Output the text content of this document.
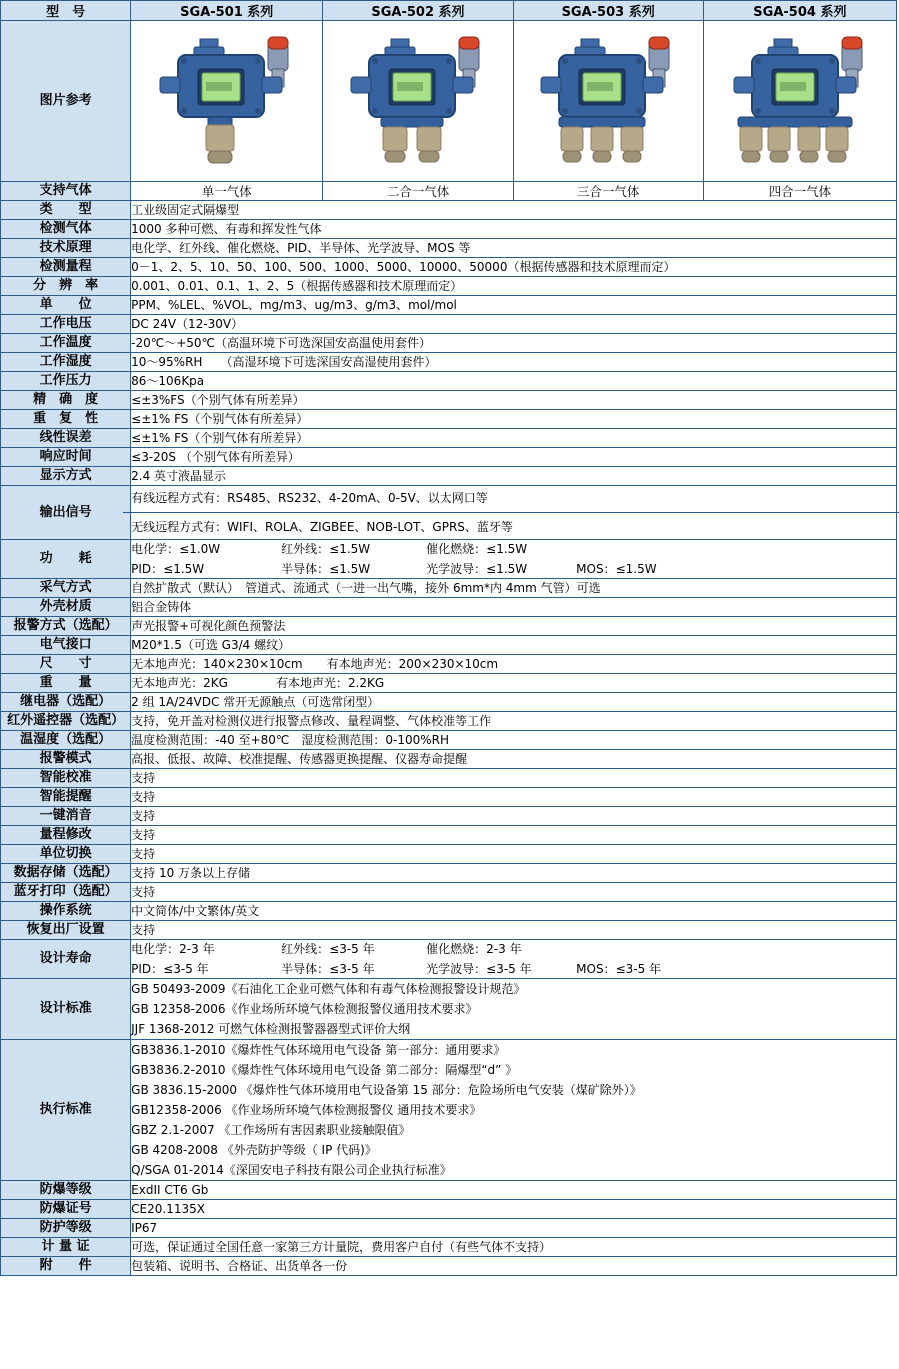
型　号	SGA-501 系列	SGA-502 系列	SGA-503 系列	SGA-504 系列
图片参考				
支持气体	单一气体	二合一气体	三合一气体	四合一气体
类　　型	工业级固定式隔爆型			
检测气体	1000 多种可燃、有毒和挥发性气体			
技术原理	电化学、红外线、催化燃烧、PID、半导体、光学波导、MOS 等			
检测量程	0－1、2、5、10、50、100、500、1000、5000、10000、50000（根据传感器和技术原理而定）			
分　辨　率	0.001、0.01、0.1、1、2、5（根据传感器和技术原理而定）			
单　　位	PPM、%LEL、%VOL、mg/m3、ug/m3、g/m3、mol/mol			
工作电压	DC 24V（12-30V）			
工作温度	-20℃～+50℃（高温环境下可选深国安高温使用套件）			
工作湿度	10～95%RH　　（高湿环境下可选深国安高湿使用套件）			
工作压力	86～106Kpa			
精　确　度	≤±3%FS（个别气体有所差异）			
重　复　性	≤±1% FS（个别气体有所差异）			
线性误差	≤±1% FS（个别气体有所差异）			
响应时间	≤3-20S （个别气体有所差异）			
显示方式	2.4 英寸液晶显示			
输出信号	有线远程方式有：RS485、RS232、4-20mA、0-5V、以太网口等
无线远程方式有：WIFI、ROLA、ZIGBEE、NOB-LOT、GPRS、蓝牙等			

功　　耗	
电化学：≤1.0W	红外线：≤1.5W	催化燃烧：≤1.5W
PID：≤1.5W	半导体：≤1.5W	光学波导：≤1.5W	MOS：≤1.5W

采气方式	自然扩散式（默认）　管道式、流通式（一进一出气嘴，接外 6mm*内 4mm 气管）可选			
外壳材质	铝合金铸体			
报警方式（选配）	声光报警+可视化颜色预警法			
电气接口	M20*1.5（可选 G3/4 螺纹）			
尺　　寸	无本地声光：140×230×10cm　　有本地声光：200×230×10cm			
重　　量	无本地声光：2KG　　　　有本地声光：2.2KG			
继电器（选配）	2 组 1A/24VDC 常开无源触点（可选常闭型）			
红外遥控器（选配）	支持，免开盖对检测仪进行报警点修改、量程调整、气体校准等工作			
温湿度（选配）	温度检测范围：-40 至+80℃　湿度检测范围：0-100%RH			
报警模式	高报、低报、故障、校准提醒、传感器更换提醒、仪器寿命提醒			
智能校准	支持			
智能提醒	支持			
一键消音	支持			
量程修改	支持			
单位切换	支持			
数据存储（选配）	支持 10 万条以上存储			
蓝牙打印（选配）	支持			
操作系统	中文简体/中文繁体/英文			
恢复出厂设置	支持			
设计寿命	
电化学：2-3 年	红外线：≤3-5 年	催化燃烧：2-3 年
PID：≤3-5 年	半导体：≤3-5 年	光学波导：≤3-5 年	MOS：≤3-5 年

设计标准	GB 50493-2009《石油化工企业可燃气体和有毒气体检测报警设计规范》
GB 12358-2006《作业场所环境气体检测报警仪通用技术要求》
JJF 1368-2012 可燃气体检测报警器器型式评价大纲			

执行标准	
GB3836.1-2010《爆炸性气体环境用电气设备 第一部分：通用要求》
GB3836.2-2010《爆炸性气体环境用电气设备 第二部分：隔爆型“d” 》
GB 3836.15-2000 《爆炸性气体环境用电气设备第 15 部分：危险场所电气安装（煤矿除外）》
GB12358-2006 《作业场所环境气体检测报警仪 通用技术要求》
GBZ 2.1-2007 《工作场所有害因素职业接触限值》
GB 4208-2008 《外壳防护等级（ IP 代码)》
Q/SGA 01-2014《深国安电子科技有限公司企业执行标准》

防爆等级	ExdII CT6 Gb			
防爆证号	CE20.1135X			
防护等级	IP67			
计 量 证	可选，保证通过全国任意一家第三方计量院，费用客户自付（有些气体不支持）			
附　　件	包装箱、说明书、合格证、出货单各一份			
